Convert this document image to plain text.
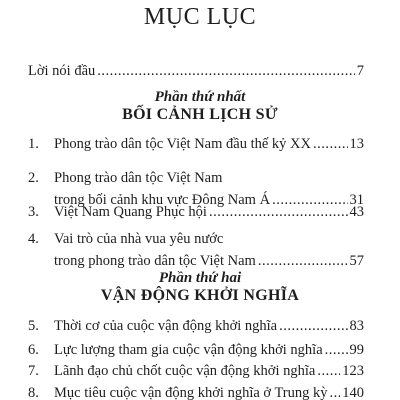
MỤC LỤC
Lời nói đầu .....	7
Phần thứ nhất
BỐI CẢNH LỊCH SỬ
1.	Phong trào dân tộc Việt Nam đầu thế kỷ XX .....	13
2.	Phong trào dân tộc Việt Nam
trong bối cảnh khu vực Đông Nam Á .....	31
3.	Việt Nam Quang Phục hội .....	43
4.	Vai trò của nhà vua yêu nước
trong phong trào dân tộc Việt Nam .....	57
Phần thứ hai
VẬN ĐỘNG KHỞI NGHĨA
5.	Thời cơ của cuộc vận động khởi nghĩa .....	83
6.	Lực lượng tham gia cuộc vận động khởi nghĩa ..... 99
7.	Lãnh đạo chủ chốt cuộc vận động khởi nghĩa ..... 123
8.	Mục tiêu cuộc vận động khởi nghĩa ở Trung kỳ ..... 140
